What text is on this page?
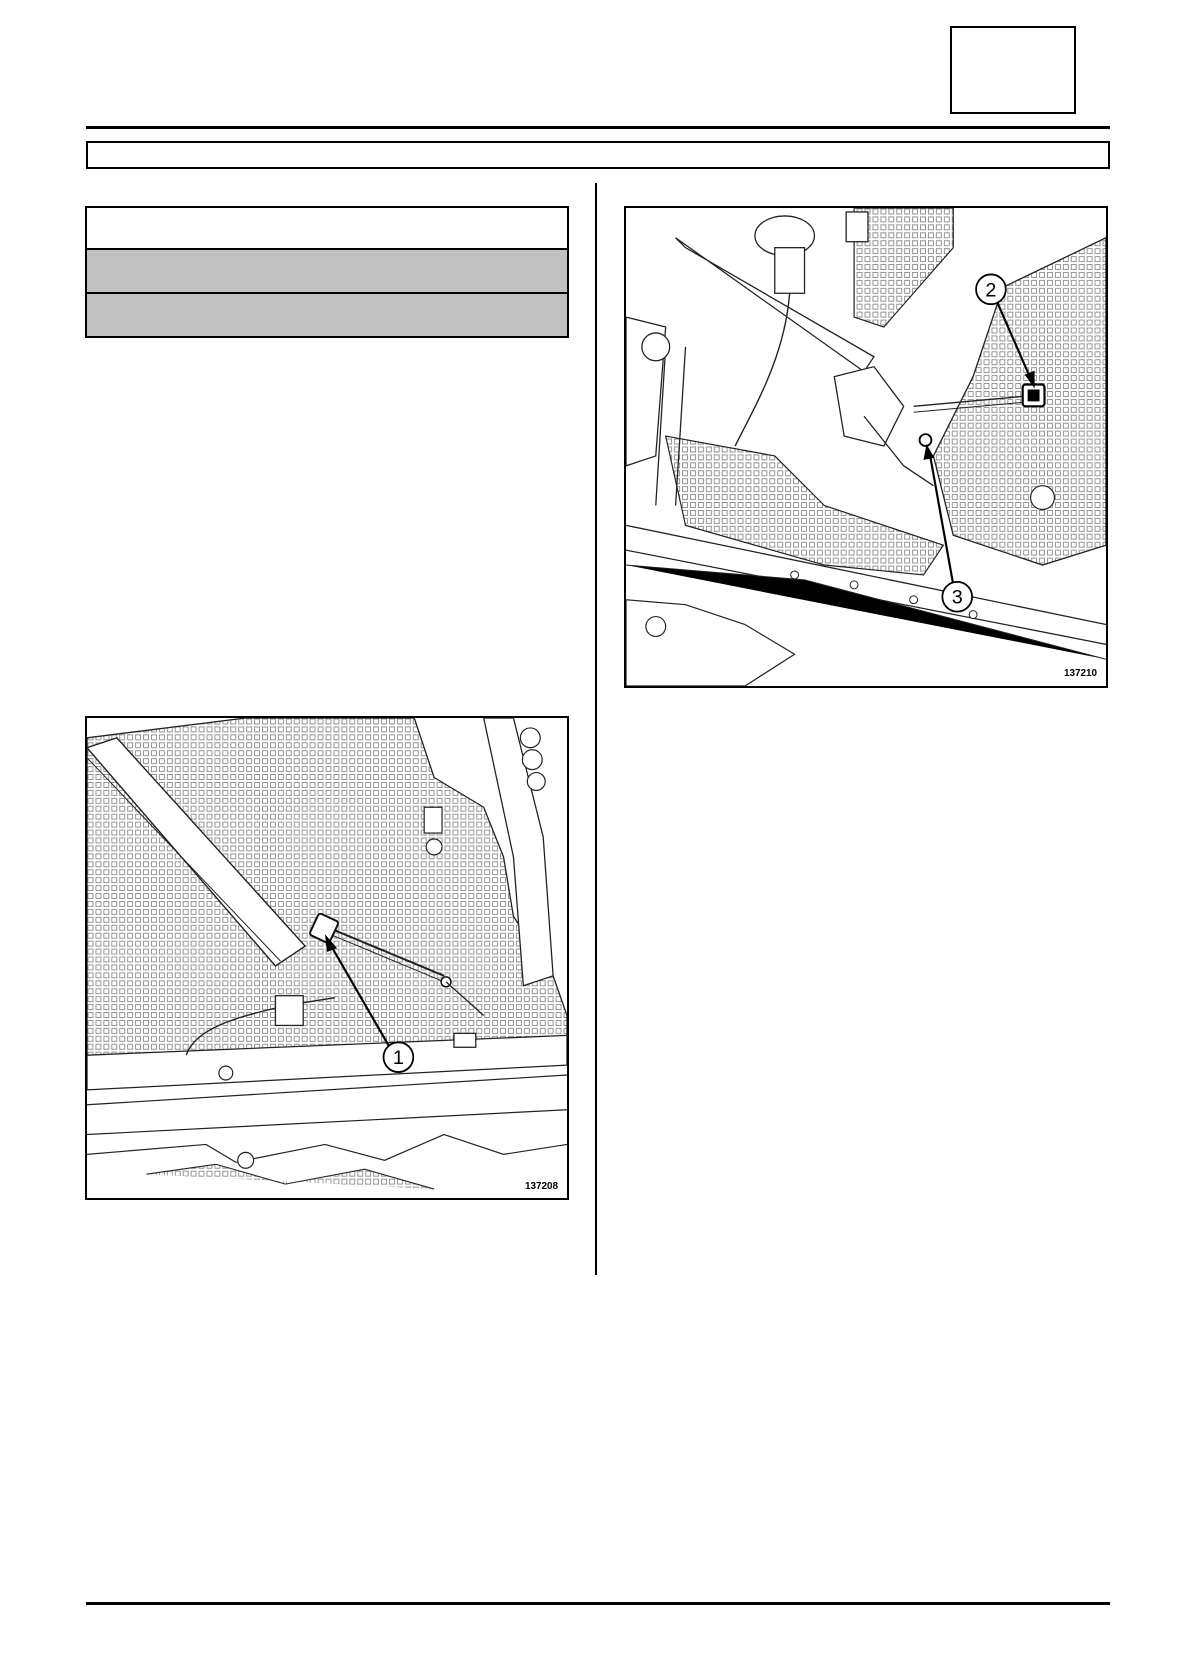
1
137208
2
3
137210
